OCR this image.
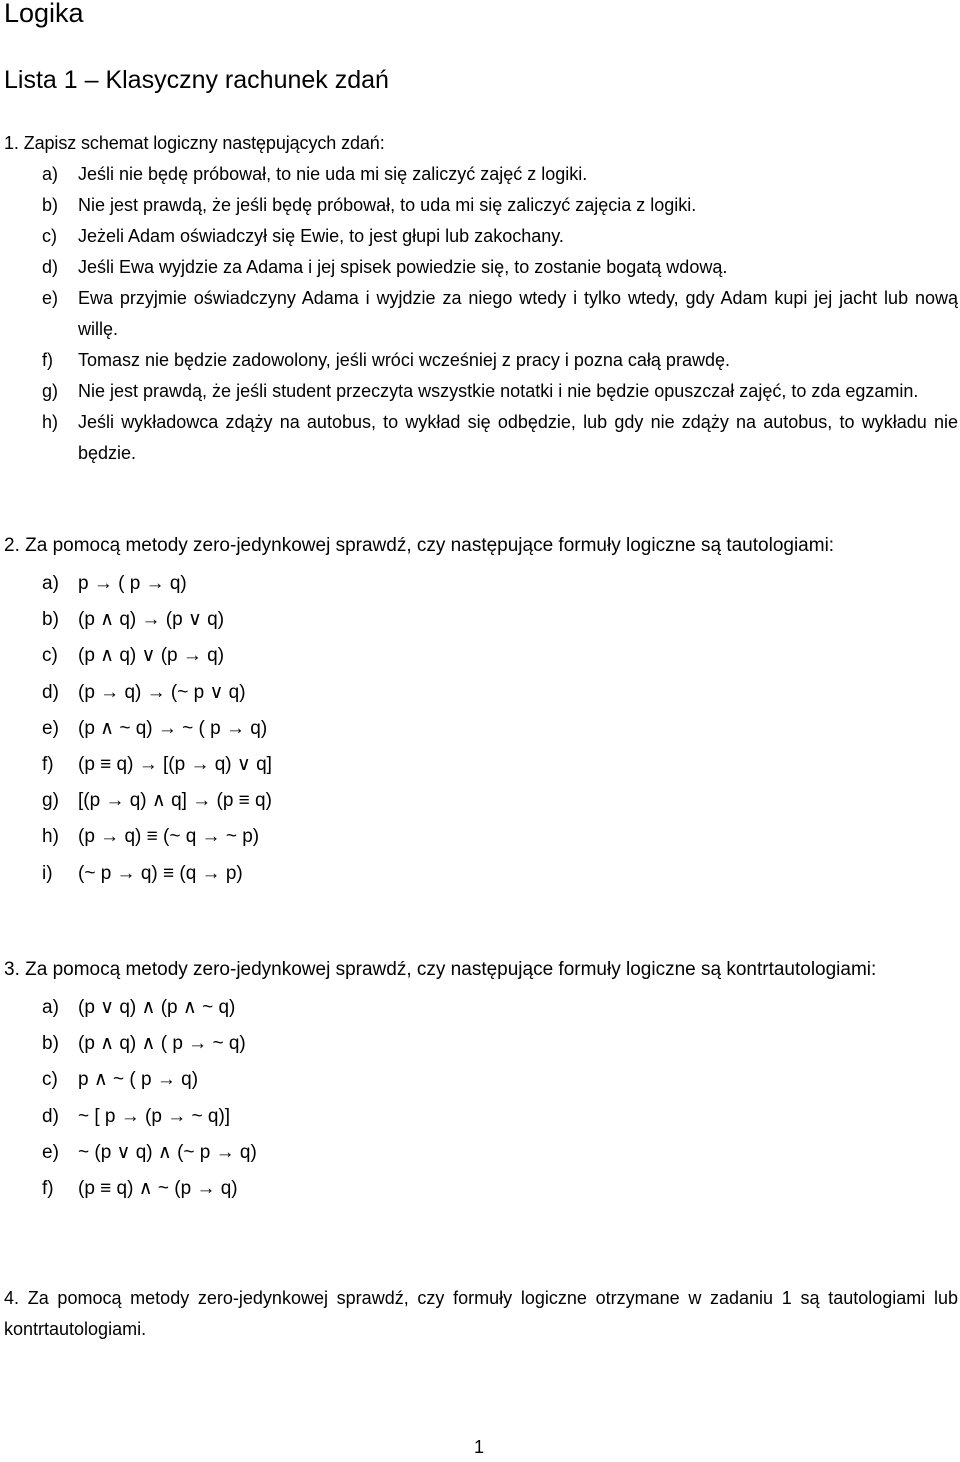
Logika
Lista 1 – Klasyczny rachunek zdań
1. Zapisz schemat logiczny następujących zdań:
a) Jeśli nie będę próbował, to nie uda mi się zaliczyć zajęć z logiki.
b) Nie jest prawdą, że jeśli będę próbował, to uda mi się zaliczyć zajęcia z logiki.
c) Jeżeli Adam oświadczył się Ewie, to jest głupi lub zakochany.
d) Jeśli Ewa wyjdzie za Adama i jej spisek powiedzie się, to zostanie bogatą wdową.
e) Ewa przyjmie oświadczyny Adama i wyjdzie za niego wtedy i tylko wtedy, gdy Adam kupi jej jacht lub nową willę.
f) Tomasz nie będzie zadowolony, jeśli wróci wcześniej z pracy i pozna całą prawdę.
g) Nie jest prawdą, że jeśli student przeczyta wszystkie notatki i nie będzie opuszczał zajęć, to zda egzamin.
h) Jeśli wykładowca zdąży na autobus, to wykład się odbędzie, lub gdy nie zdąży na autobus, to wykładu nie będzie.
2. Za pomocą metody zero-jedynkowej sprawdź, czy następujące formuły logiczne są tautologiami:
a) p → ( p → q)
b) (p ∧ q) → (p ∨ q)
c) (p ∧ q) ∨ (p → q)
d) (p → q) → (~ p ∨ q)
e) (p ∧ ~ q) → ~ ( p → q)
f) (p ≡ q) → [(p → q) ∨ q]
g) [(p → q) ∧ q] → (p ≡ q)
h) (p → q) ≡ (~ q → ~ p)
i) (~ p → q) ≡ (q → p)
3. Za pomocą metody zero-jedynkowej sprawdź, czy następujące formuły logiczne są kontrtautologiami:
a) (p ∨ q) ∧ (p ∧ ~ q)
b) (p ∧ q) ∧ ( p → ~ q)
c) p ∧ ~ ( p → q)
d) ~ [ p → (p → ~ q)]
e) ~ (p ∨ q) ∧ (~ p → q)
f) (p ≡ q) ∧ ~ (p → q)
4. Za pomocą metody zero-jedynkowej sprawdź, czy formuły logiczne otrzymane w zadaniu 1 są tautologiami lub kontrtautologiami.
1
